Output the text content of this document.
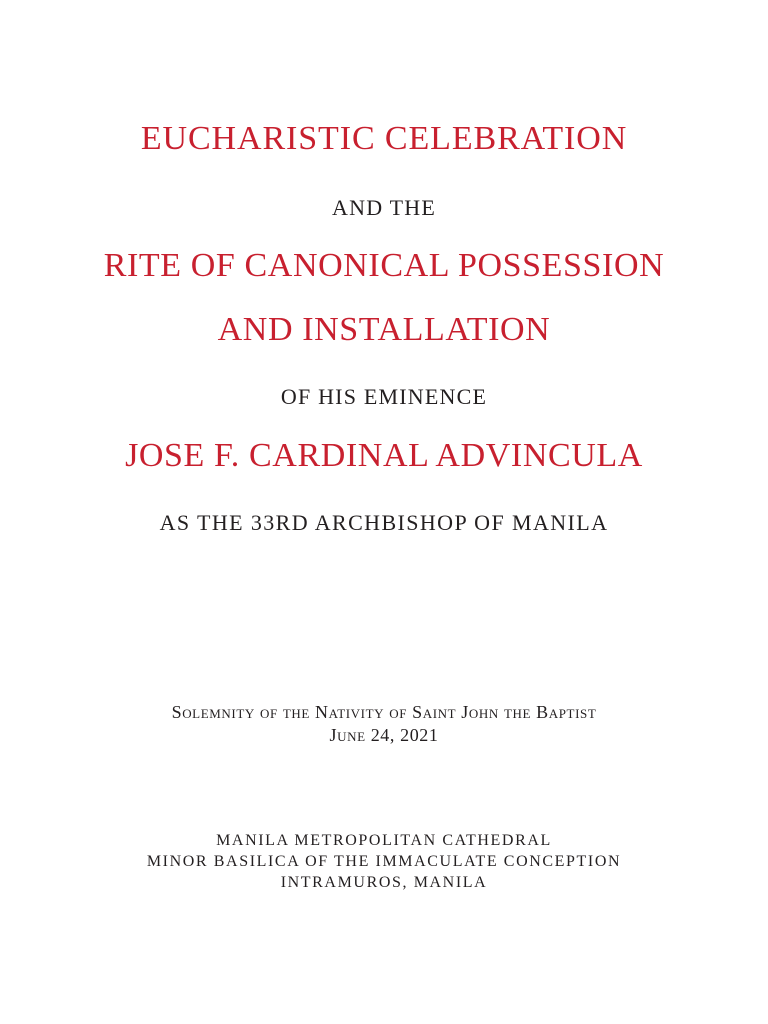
EUCHARISTIC CELEBRATION
AND THE
RITE OF CANONICAL POSSESSION
AND INSTALLATION
OF HIS EMINENCE
JOSE F. CARDINAL ADVINCULA
AS THE 33RD ARCHBISHOP OF MANILA
Solemnity of the Nativity of Saint John the Baptist
June 24, 2021
MANILA METROPOLITAN CATHEDRAL
MINOR BASILICA OF THE IMMACULATE CONCEPTION
INTRAMUROS, MANILA
